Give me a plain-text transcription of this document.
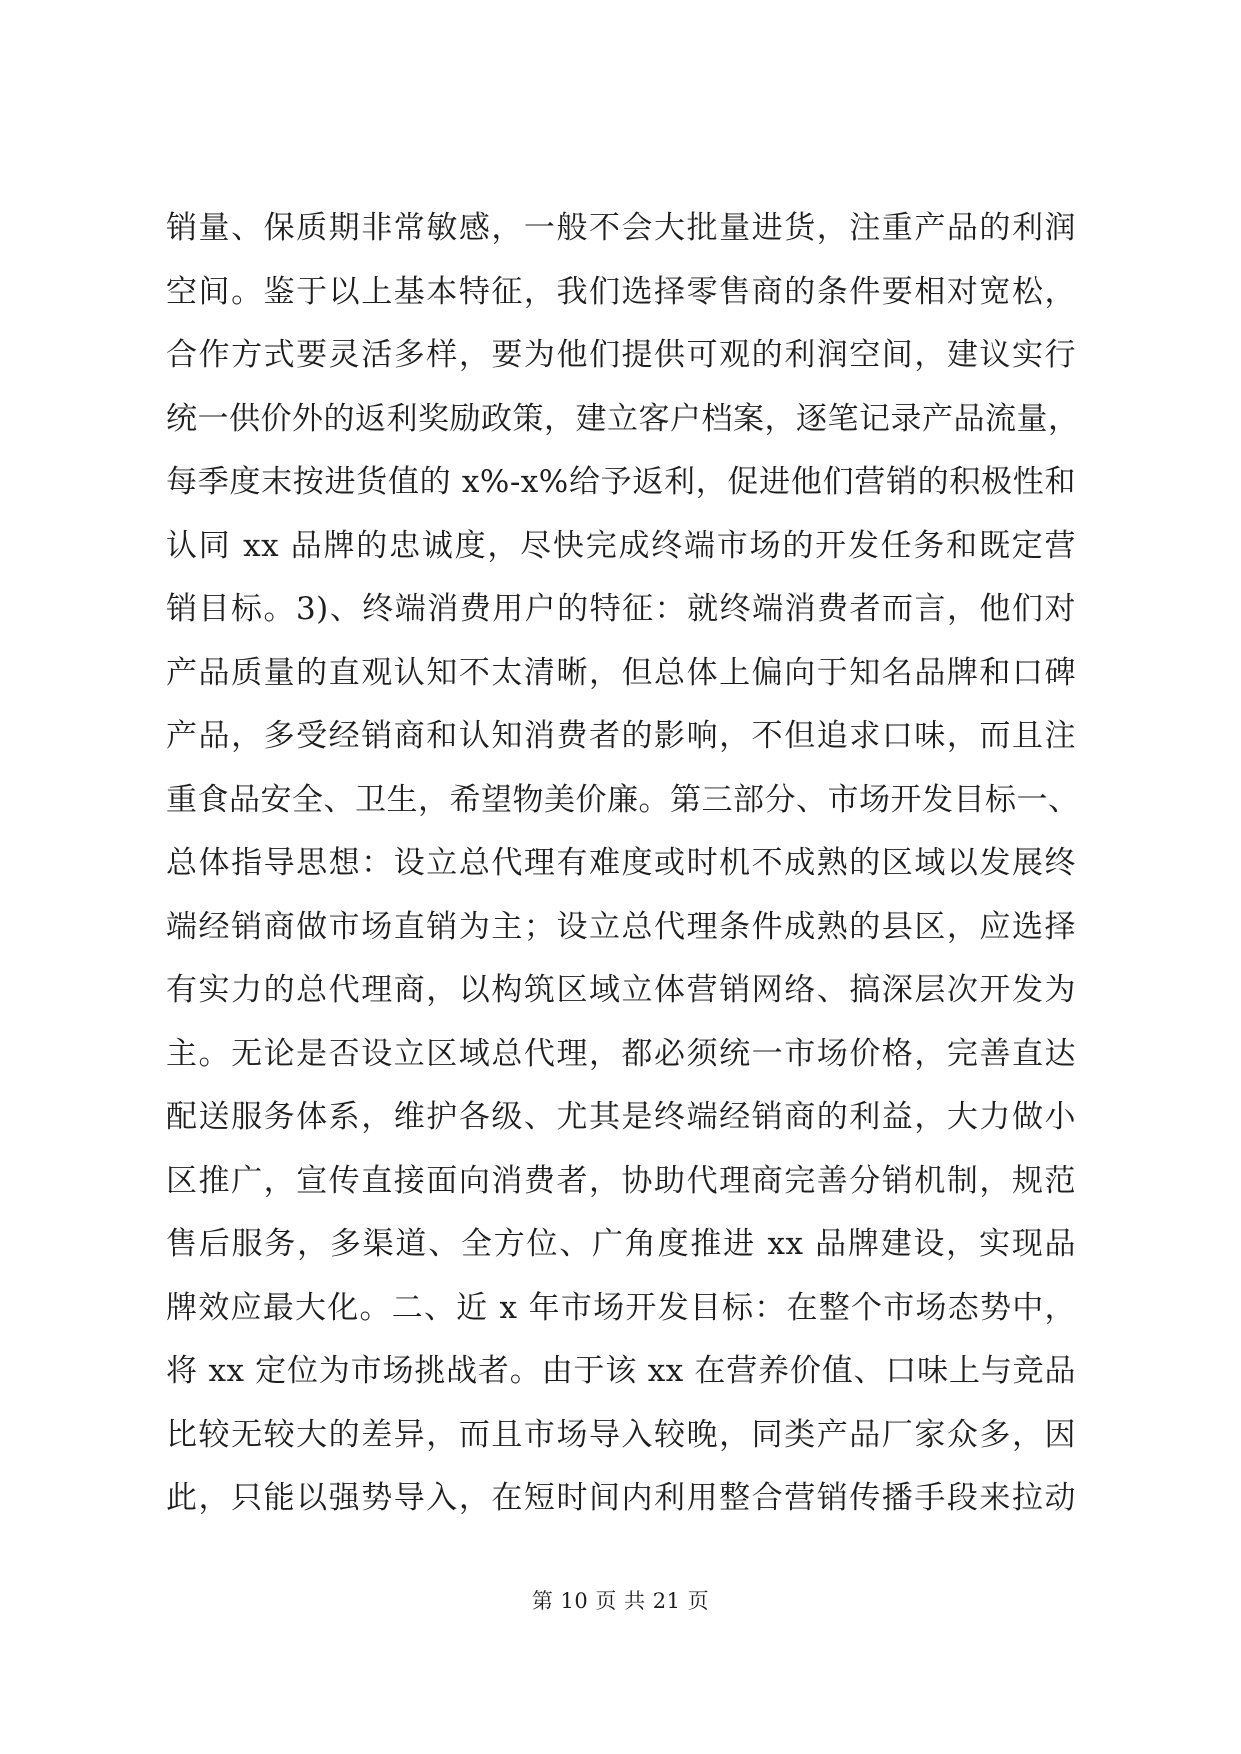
销量、保质期非常敏感，一般不会大批量进货，注重产品的利润
空间。鉴于以上基本特征，我们选择零售商的条件要相对宽松，
合作方式要灵活多样，要为他们提供可观的利润空间，建议实行
统一供价外的返利奖励政策，建立客户档案，逐笔记录产品流量，
每季度末按进货值的 x%-x%给予返利，促进他们营销的积极性和
认同 xx 品牌的忠诚度，尽快完成终端市场的开发任务和既定营
销目标。3)、终端消费用户的特征：就终端消费者而言，他们对
产品质量的直观认知不太清晰，但总体上偏向于知名品牌和口碑
产品，多受经销商和认知消费者的影响，不但追求口味，而且注
重食品安全、卫生，希望物美价廉。第三部分、市场开发目标一、
总体指导思想：设立总代理有难度或时机不成熟的区域以发展终
端经销商做市场直销为主；设立总代理条件成熟的县区，应选择
有实力的总代理商，以构筑区域立体营销网络、搞深层次开发为
主。无论是否设立区域总代理，都必须统一市场价格，完善直达
配送服务体系，维护各级、尤其是终端经销商的利益，大力做小
区推广，宣传直接面向消费者，协助代理商完善分销机制，规范
售后服务，多渠道、全方位、广角度推进 xx 品牌建设，实现品
牌效应最大化。二、近 x 年市场开发目标：在整个市场态势中，
将 xx 定位为市场挑战者。由于该 xx 在营养价值、口味上与竞品
比较无较大的差异，而且市场导入较晚，同类产品厂家众多，因
此，只能以强势导入，在短时间内利用整合营销传播手段来拉动
第 10 页 共 21 页
